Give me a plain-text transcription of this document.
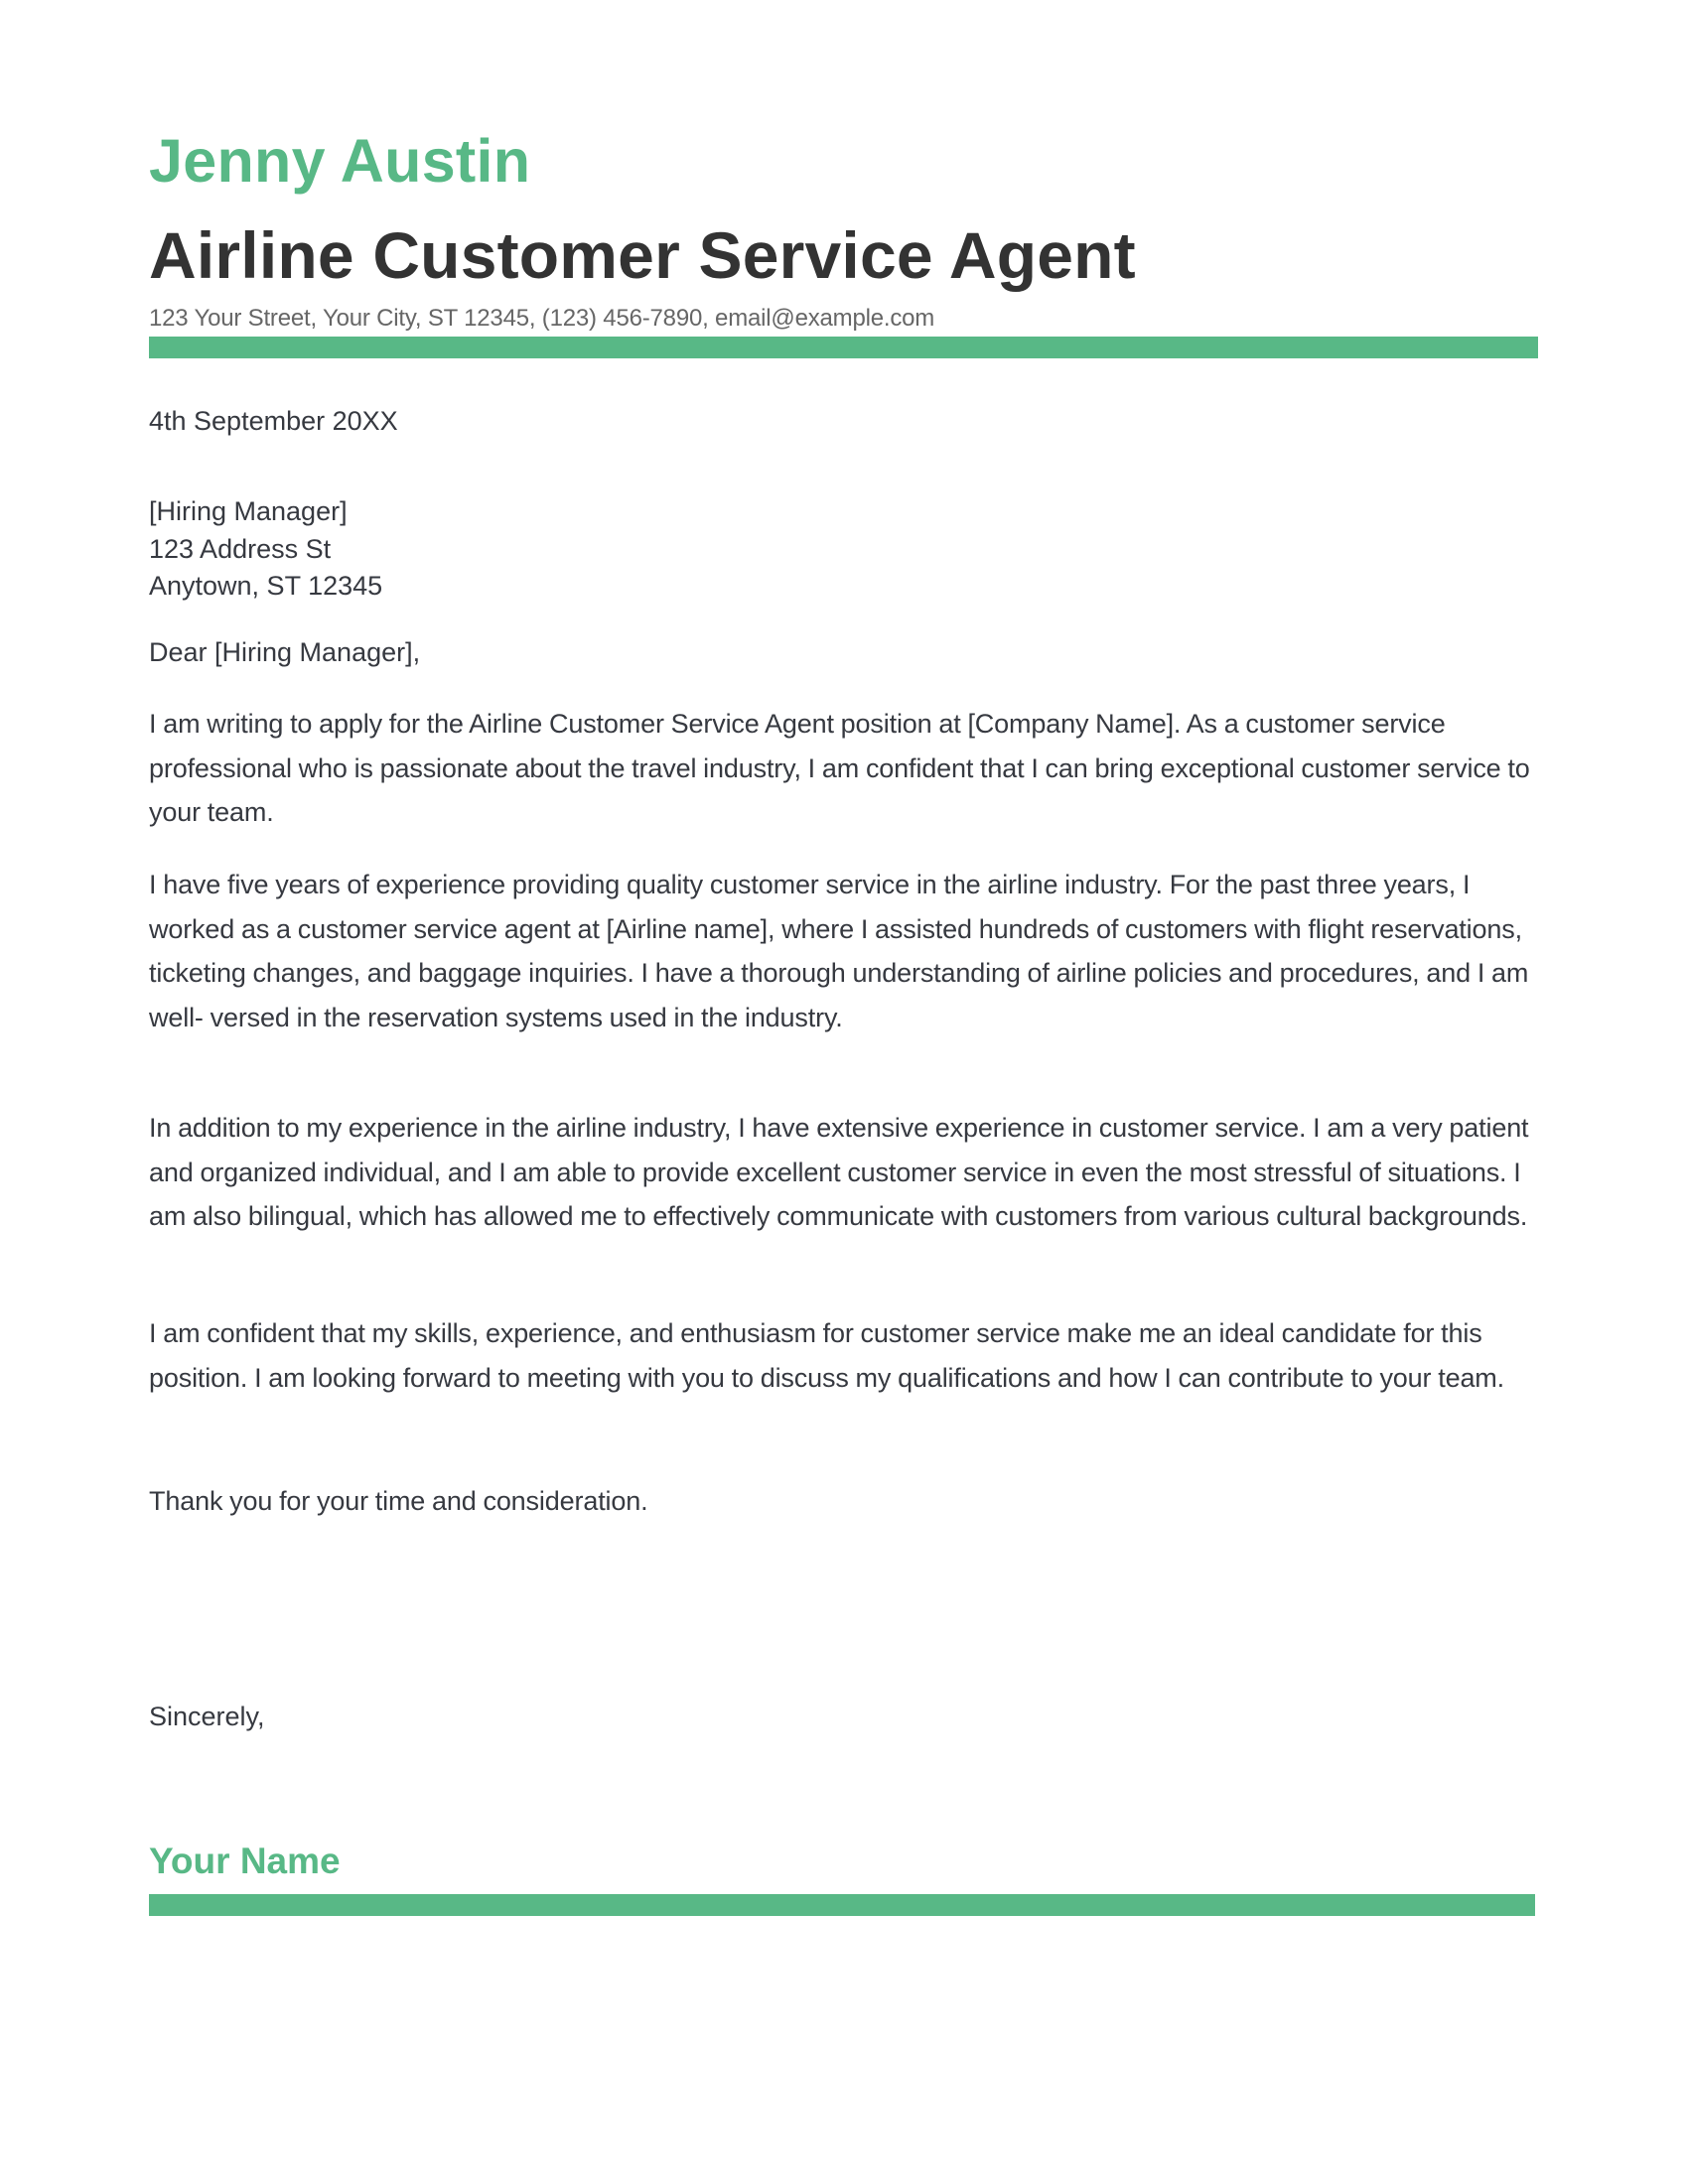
Jenny Austin
Airline Customer Service Agent
123 Your Street, Your City, ST 12345, (123) 456-7890, email@example.com
4th September 20XX
[Hiring Manager]
123 Address St
Anytown, ST 12345
Dear [Hiring Manager],

I am writing to apply for the Airline Customer Service Agent position at [Company Name]. As a customer service professional who is passionate about the travel industry, I am confident that I can bring exceptional customer service to your team.

I have five years of experience providing quality customer service in the airline industry. For the past three years, I worked as a customer service agent at [Airline name], where I assisted hundreds of customers with flight reservations, ticketing changes, and baggage inquiries. I have a thorough understanding of airline policies and procedures, and I am well- versed in the reservation systems used in the industry.

In addition to my experience in the airline industry, I have extensive experience in customer service. I am a very patient and organized individual, and I am able to provide excellent customer service in even the most stressful of situations. I am also bilingual, which has allowed me to effectively communicate with customers from various cultural backgrounds.

I am confident that my skills, experience, and enthusiasm for customer service make me an ideal candidate for this position. I am looking forward to meeting with you to discuss my qualifications and how I can contribute to your team.

Thank you for your time and consideration.

Sincerely,
Your Name
